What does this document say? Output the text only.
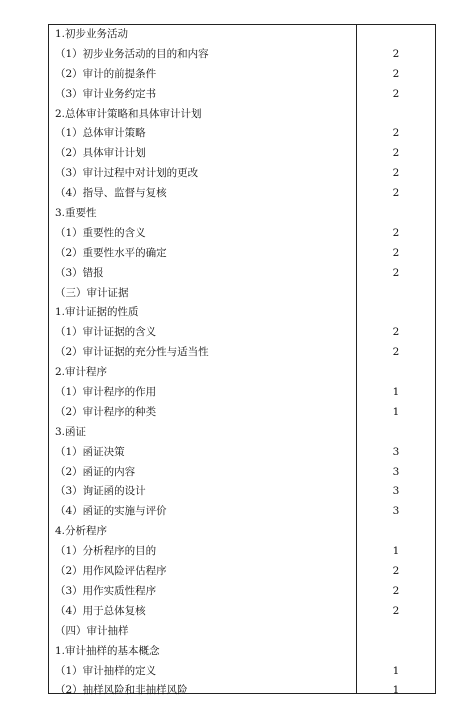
1.初步业务活动
（1）初步业务活动的目的和内容	2
（2）审计的前提条件	2
（3）审计业务约定书	2
2.总体审计策略和具体审计计划
（1）总体审计策略	2
（2）具体审计计划	2
（3）审计过程中对计划的更改	2
（4）指导、监督与复核	2
3.重要性
（1）重要性的含义	2
（2）重要性水平的确定	2
（3）错报	2
（三）审计证据
1.审计证据的性质
（1）审计证据的含义	2
（2）审计证据的充分性与适当性	2
2.审计程序
（1）审计程序的作用	1
（2）审计程序的种类	1
3.函证
（1）函证决策	3
（2）函证的内容	3
（3）询证函的设计	3
（4）函证的实施与评价	3
4.分析程序
（1）分析程序的目的	1
（2）用作风险评估程序	2
（3）用作实质性程序	2
（4）用于总体复核	2
（四）审计抽样
1.审计抽样的基本概念
（1）审计抽样的定义	1
（2）抽样风险和非抽样风险	1
